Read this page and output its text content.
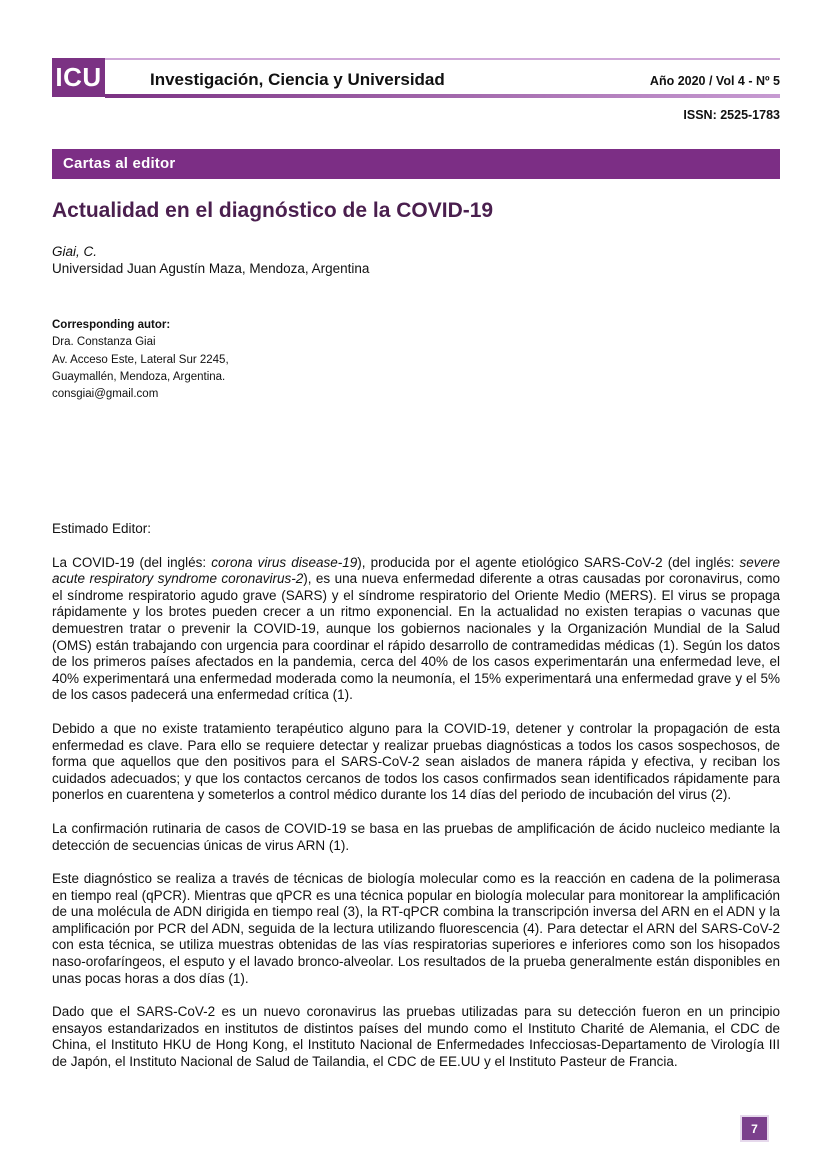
ICU	Investigación, Ciencia y Universidad	Año 2020 / Vol 4 - Nº 5
ISSN: 2525-1783
Cartas al editor
Actualidad en el diagnóstico de la COVID-19
Giai, C.
Universidad Juan Agustín Maza, Mendoza, Argentina
Corresponding autor:
Dra. Constanza Giai
Av. Acceso Este, Lateral Sur 2245,
Guaymallén, Mendoza, Argentina.
consgiai@gmail.com

Estimado Editor:

La COVID-19 (del inglés: corona virus disease-19), producida por el agente etiológico SARS-CoV-2 (del inglés: severe acute respiratory syndrome coronavirus-2), es una nueva enfermedad diferente a otras causadas por coronavirus, como el síndrome respiratorio agudo grave (SARS) y el síndrome respiratorio del Oriente Medio (MERS). El virus se propaga rápidamente y los brotes pueden crecer a un ritmo exponencial. En la actualidad no existen terapias o vacunas que demuestren tratar o prevenir la COVID-19, aunque los gobiernos nacionales y la Organización Mundial de la Salud (OMS) están trabajando con urgencia para coordinar el rápido desarrollo de contramedidas médicas (1). Según los datos de los primeros países afectados en la pandemia, cerca del 40% de los casos experimentarán una enfermedad leve, el 40% experimentará una enfermedad moderada como la neumonía, el 15% experimentará una enfermedad grave y el 5% de los casos padecerá una enfermedad crítica (1).

Debido a que no existe tratamiento terapéutico alguno para la COVID-19, detener y controlar la propagación de esta enfermedad es clave. Para ello se requiere detectar y realizar pruebas diagnósticas a todos los casos sospechosos, de forma que aquellos que den positivos para el SARS-CoV-2 sean aislados de manera rápida y efectiva, y reciban los cuidados adecuados; y que los contactos cercanos de todos los casos confirmados sean identificados rápidamente para ponerlos en cuarentena y someterlos a control médico durante los 14 días del periodo de incubación del virus (2).

La confirmación rutinaria de casos de COVID-19 se basa en las pruebas de amplificación de ácido nucleico mediante la detección de secuencias únicas de virus ARN (1).

Este diagnóstico se realiza a través de técnicas de biología molecular como es la reacción en cadena de la polimerasa en tiempo real (qPCR). Mientras que qPCR es una técnica popular en biología molecular para monitorear la amplificación de una molécula de ADN dirigida en tiempo real (3), la RT-qPCR combina la transcripción inversa del ARN en el ADN y la amplificación por PCR del ADN, seguida de la lectura utilizando fluorescencia (4). Para detectar el ARN del SARS-CoV-2 con esta técnica, se utiliza muestras obtenidas de las vías respiratorias superiores e inferiores como son los hisopados naso-orofaríngeos, el esputo y el lavado bronco-alveolar. Los resultados de la prueba generalmente están disponibles en unas pocas horas a dos días (1).

Dado que el SARS-CoV-2 es un nuevo coronavirus las pruebas utilizadas para su detección fueron en un principio ensayos estandarizados en institutos de distintos países del mundo como el Instituto Charité de Alemania, el CDC de China, el Instituto HKU de Hong Kong, el Instituto Nacional de Enfermedades Infecciosas-Departamento de Virología III de Japón, el Instituto Nacional de Salud de Tailandia, el CDC de EE.UU y el Instituto Pasteur de Francia.

7
